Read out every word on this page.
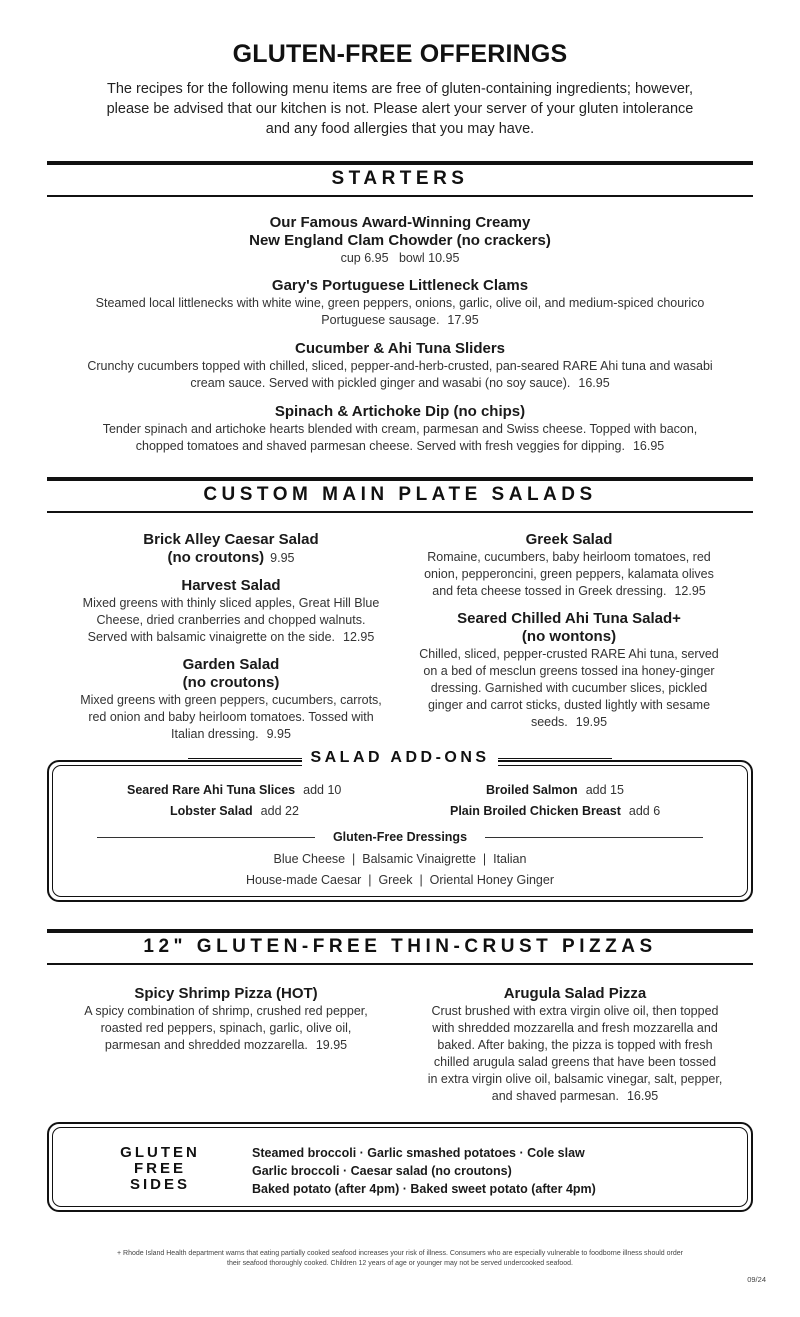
GLUTEN-FREE OFFERINGS
The recipes for the following menu items are free of gluten-containing ingredients; however,
please be advised that our kitchen is not. Please alert your server of your gluten intolerance
and any food allergies that you may have.
STARTERS
Our Famous Award-Winning Creamy
New England Clam Chowder (no crackers)
cup 6.95   bowl 10.95
Gary's Portuguese Littleneck Clams
Steamed local littlenecks with white wine, green peppers, onions, garlic, olive oil, and medium-spiced chourico
Portuguese sausage. 17.95
Cucumber & Ahi Tuna Sliders
Crunchy cucumbers topped with chilled, sliced, pepper-and-herb-crusted, pan-seared RARE Ahi tuna and wasabi
cream sauce. Served with pickled ginger and wasabi (no soy sauce). 16.95
Spinach & Artichoke Dip (no chips)
Tender spinach and artichoke hearts blended with cream, parmesan and Swiss cheese. Topped with bacon,
chopped tomatoes and shaved parmesan cheese. Served with fresh veggies for dipping. 16.95
CUSTOM MAIN PLATE SALADS
Brick Alley Caesar Salad
(no croutons) 9.95
Harvest Salad
Mixed greens with thinly sliced apples, Great Hill Blue
Cheese, dried cranberries and chopped walnuts.
Served with balsamic vinaigrette on the side. 12.95
Garden Salad
(no croutons)
Mixed greens with green peppers, cucumbers, carrots,
red onion and baby heirloom tomatoes. Tossed with
Italian dressing. 9.95
Greek Salad
Romaine, cucumbers, baby heirloom tomatoes, red
onion, pepperoncini, green peppers, kalamata olives
and feta cheese tossed in Greek dressing. 12.95
Seared Chilled Ahi Tuna Salad+
(no wontons)
Chilled, sliced, pepper-crusted RARE Ahi tuna, served
on a bed of mesclun greens tossed ina honey-ginger
dressing. Garnished with cucumber slices, pickled
ginger and carrot sticks, dusted lightly with sesame
seeds. 19.95
SALAD ADD-ONS
Seared Rare Ahi Tuna Slices add 10	Broiled Salmon add 15
Lobster Salad add 22	Plain Broiled Chicken Breast add 6
Gluten-Free Dressings
Blue Cheese  |  Balsamic Vinaigrette  |  Italian
House-made Caesar  |  Greek  |  Oriental Honey Ginger
12" GLUTEN-FREE THIN-CRUST PIZZAS
Spicy Shrimp Pizza (HOT)
A spicy combination of shrimp, crushed red pepper,
roasted red peppers, spinach, garlic, olive oil,
parmesan and shredded mozzarella. 19.95
Arugula Salad Pizza
Crust brushed with extra virgin olive oil, then topped
with shredded mozzarella and fresh mozzarella and
baked. After baking, the pizza is topped with fresh
chilled arugula salad greens that have been tossed
in extra virgin olive oil, balsamic vinegar, salt, pepper,
and shaved parmesan. 16.95
GLUTEN
FREE
SIDES
Steamed broccoli · Garlic smashed potatoes · Cole slaw
Garlic broccoli · Caesar salad (no croutons)
Baked potato (after 4pm) · Baked sweet potato (after 4pm)
+ Rhode Island Health department warns that eating partially cooked seafood increases your risk of illness. Consumers who are especially vulnerable to foodborne illness should order
their seafood thoroughly cooked. Children 12 years of age or younger may not be served undercooked seafood.
09/24
